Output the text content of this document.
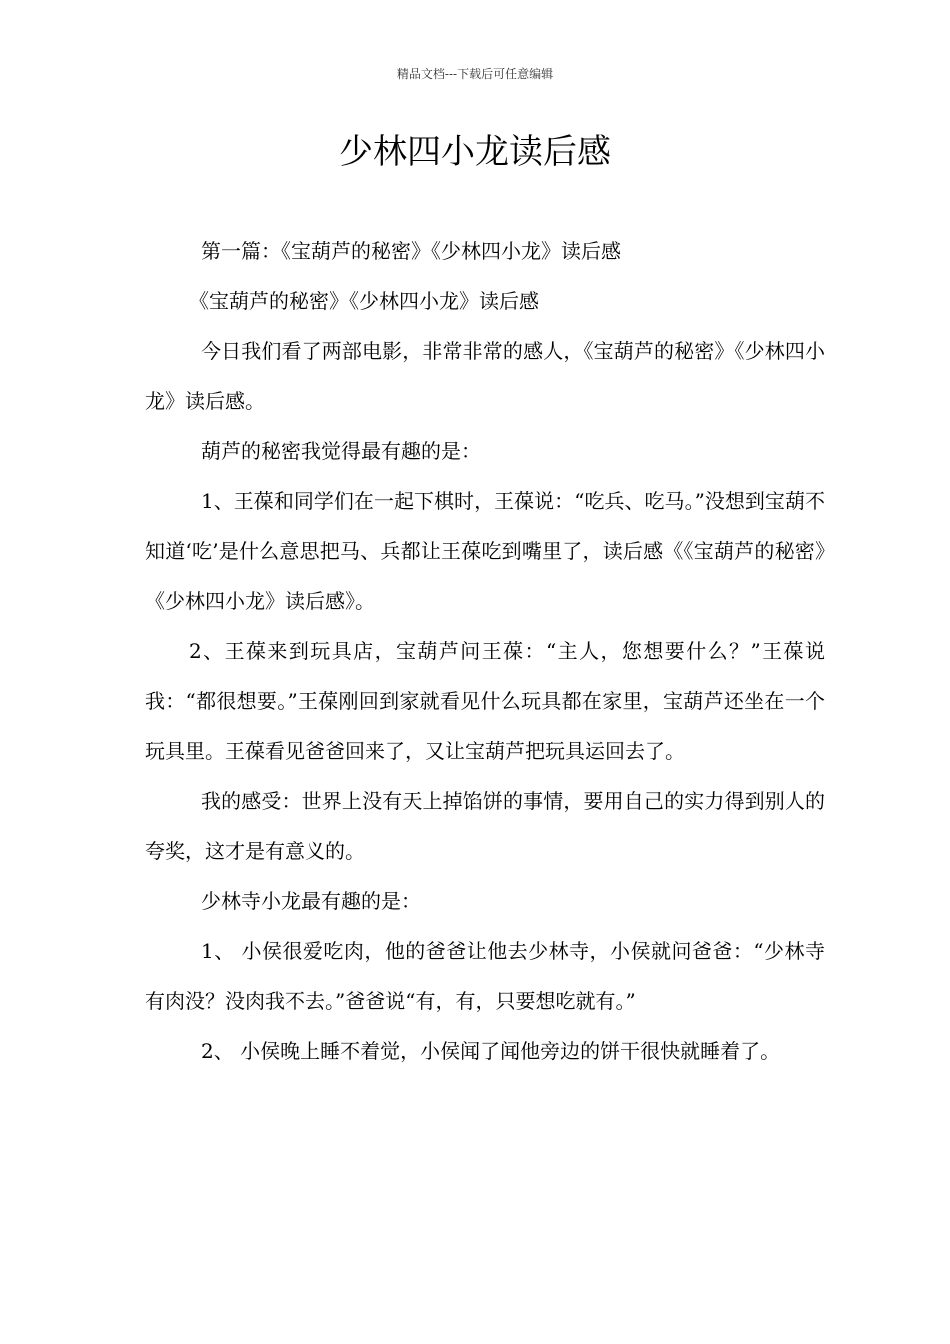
精品文档---下载后可任意编辑
少林四小龙读后感

第一篇：《宝葫芦的秘密》《少林四小龙》读后感

《宝葫芦的秘密》《少林四小龙》读后感

今日我们看了两部电影，非常非常的感人，《宝葫芦的秘密》《少林四小龙》读后感。

葫芦的秘密我觉得最有趣的是：

1、王葆和同学们在一起下棋时，王葆说：“吃兵、吃马。”没想到宝葫不知道‘吃’是什么意思把马、兵都让王葆吃到嘴里了，读后感《《宝葫芦的秘密》《少林四小龙》读后感》。

2、王葆来到玩具店，宝葫芦问王葆：“主人，您想要什么？”王葆说我：“都很想要。”王葆刚回到家就看见什么玩具都在家里，宝葫芦还坐在一个玩具里。王葆看见爸爸回来了，又让宝葫芦把玩具运回去了。

我的感受：世界上没有天上掉馅饼的事情，要用自己的实力得到别人的夸奖，这才是有意义的。

少林寺小龙最有趣的是：

1、 小侯很爱吃肉，他的爸爸让他去少林寺，小侯就问爸爸：“少林寺有肉没？没肉我不去。”爸爸说“有，有，只要想吃就有。”

2、 小侯晚上睡不着觉，小侯闻了闻他旁边的饼干很快就睡着了。
